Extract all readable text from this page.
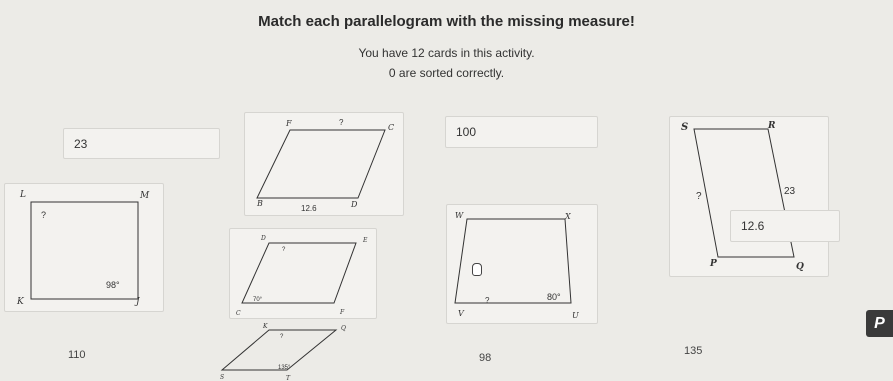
Match each parallelogram with the missing measure!
You have 12 cards in this activity.
0 are sorted correctly.
23
F	C
D
B
?
12.6
100	S	R
Q
P
?	23
12.6
L	M
J
K
?
98°
D	E
F
C
?
70°
W	X
U
V
?	80°
K	Q
T
S
?
135°
110	98
135
P
